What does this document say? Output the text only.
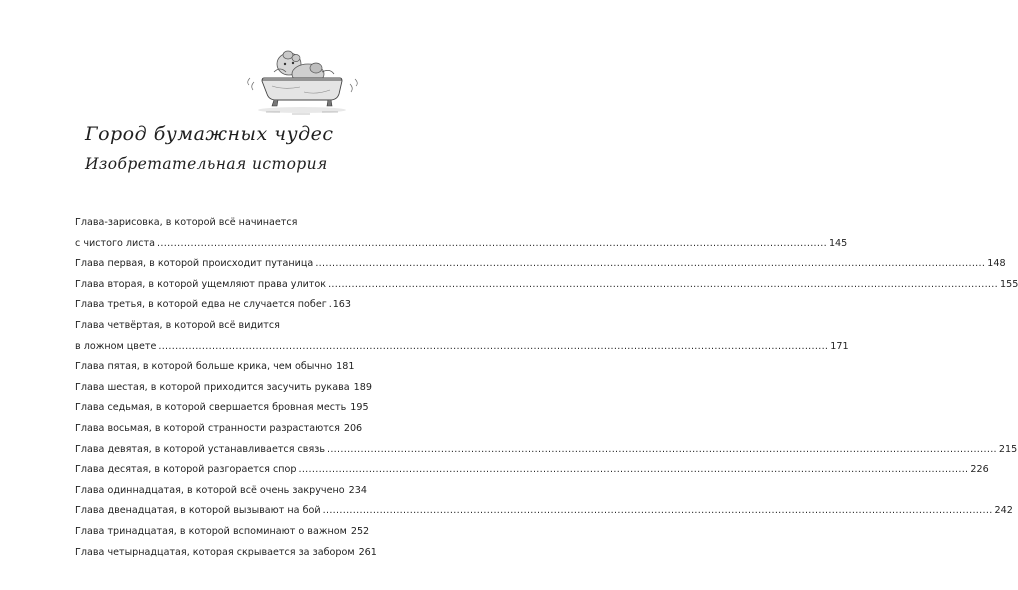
Город бумажных чудес
Изобретательная история
Глава-зарисовка, в которой всё начинается
с чистого листа .....	145
Глава первая, в которой происходит путаница .....	148
Глава вторая, в которой ущемляют права улиток .....	155
Глава третья, в которой едва не случается побег ..... 163
Глава четвёртая, в которой всё видится
в ложном цвете .....	171
Глава пятая, в которой больше крика, чем обычно 181
Глава шестая, в которой приходится засучить рукава 189
Глава седьмая, в которой свершается бровная месть 195
Глава восьмая, в которой странности разрастаются 206
Глава девятая, в которой устанавливается связь .....	215
Глава десятая, в которой разгорается спор .....	226
Глава одиннадцатая, в которой всё очень закручено 234
Глава двенадцатая, в которой вызывают на бой .....	242
Глава тринадцатая, в которой вспоминают о важном 252
Глава четырнадцатая, которая скрывается за забором 261
